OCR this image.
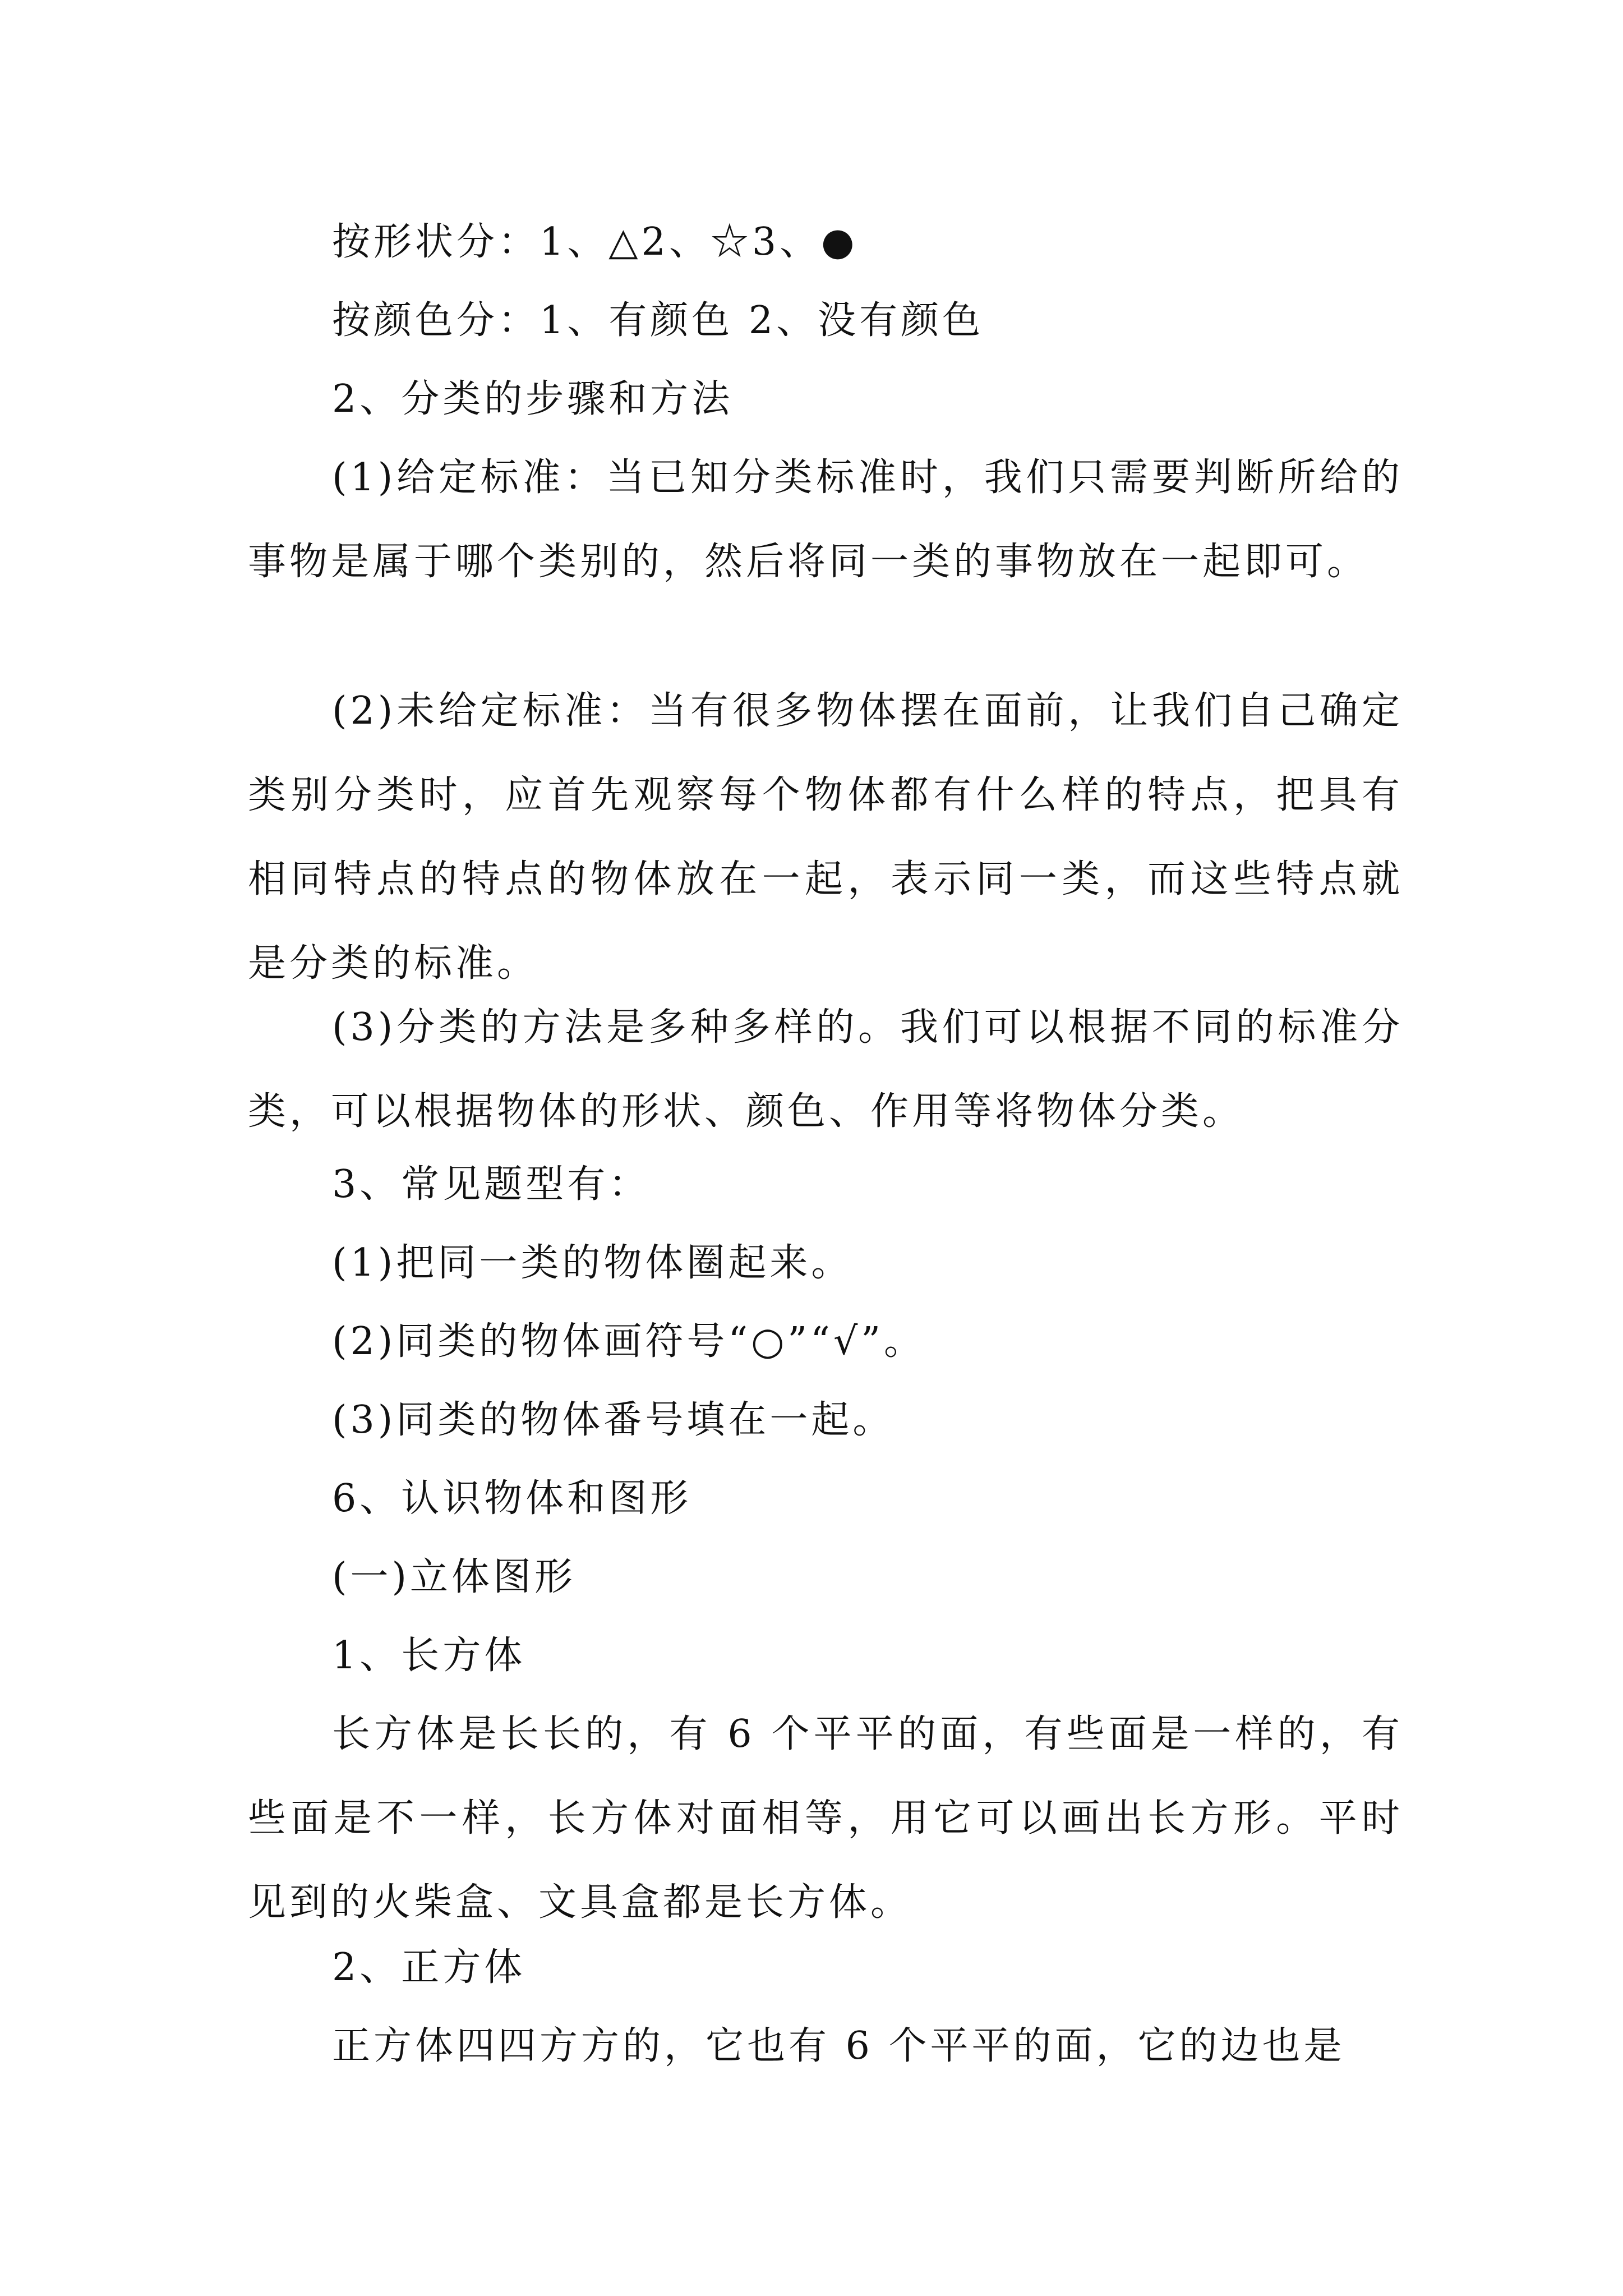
按形状分：1、△2、☆3、●

按颜色分：1、有颜色 2、没有颜色

2、分类的步骤和方法

(1)给定标准：当已知分类标准时，我们只需要判断所给的事物是属于哪个类别的，然后将同一类的事物放在一起即可。

(2)未给定标准：当有很多物体摆在面前，让我们自己确定类别分类时，应首先观察每个物体都有什么样的特点，把具有相同特点的特点的物体放在一起，表示同一类，而这些特点就是分类的标准。

(3)分类的方法是多种多样的。我们可以根据不同的标准分类，可以根据物体的形状、颜色、作用等将物体分类。

3、常见题型有：

(1)把同一类的物体圈起来。

(2)同类的物体画符号“○”“√”。

(3)同类的物体番号填在一起。

6、认识物体和图形

(一)立体图形

1、长方体

长方体是长长的，有 6 个平平的面，有些面是一样的，有些面是不一样，长方体对面相等，用它可以画出长方形。平时见到的火柴盒、文具盒都是长方体。

2、正方体

正方体四四方方的，它也有 6 个平平的面，它的边也是
